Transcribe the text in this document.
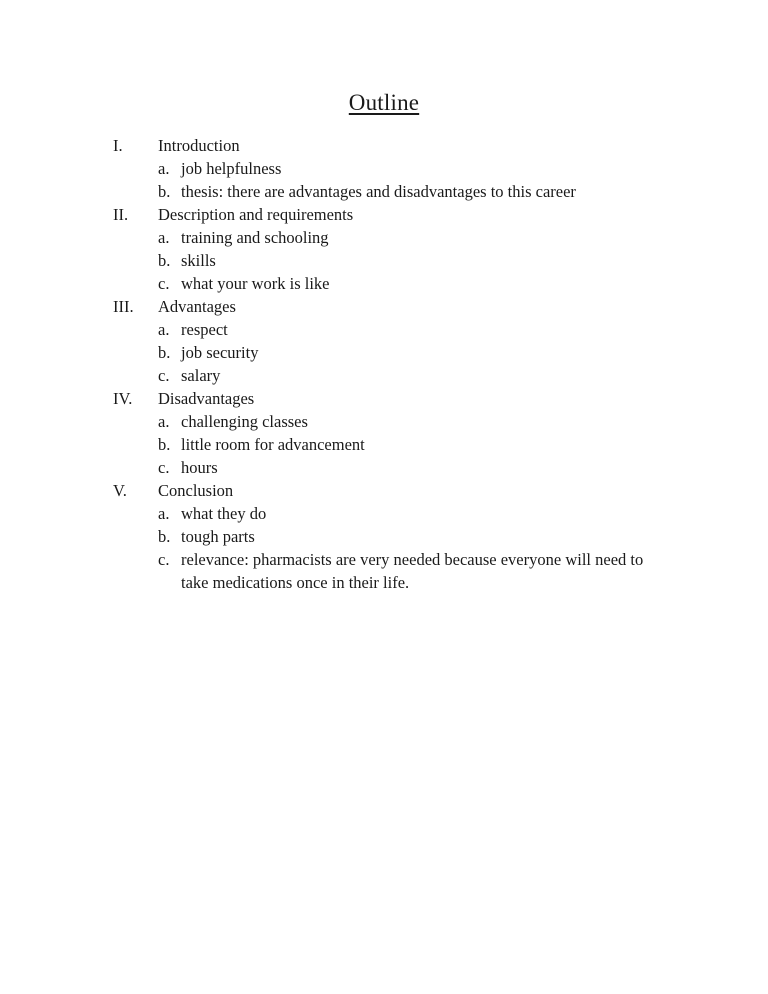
Outline
I. Introduction
a. job helpfulness
b. thesis: there are advantages and disadvantages to this career
II. Description and requirements
a. training and schooling
b. skills
c. what your work is like
III. Advantages
a. respect
b. job security
c. salary
IV. Disadvantages
a. challenging classes
b. little room for advancement
c. hours
V. Conclusion
a. what they do
b. tough parts
c. relevance: pharmacists are very needed because everyone will need to
take medications once in their life.
